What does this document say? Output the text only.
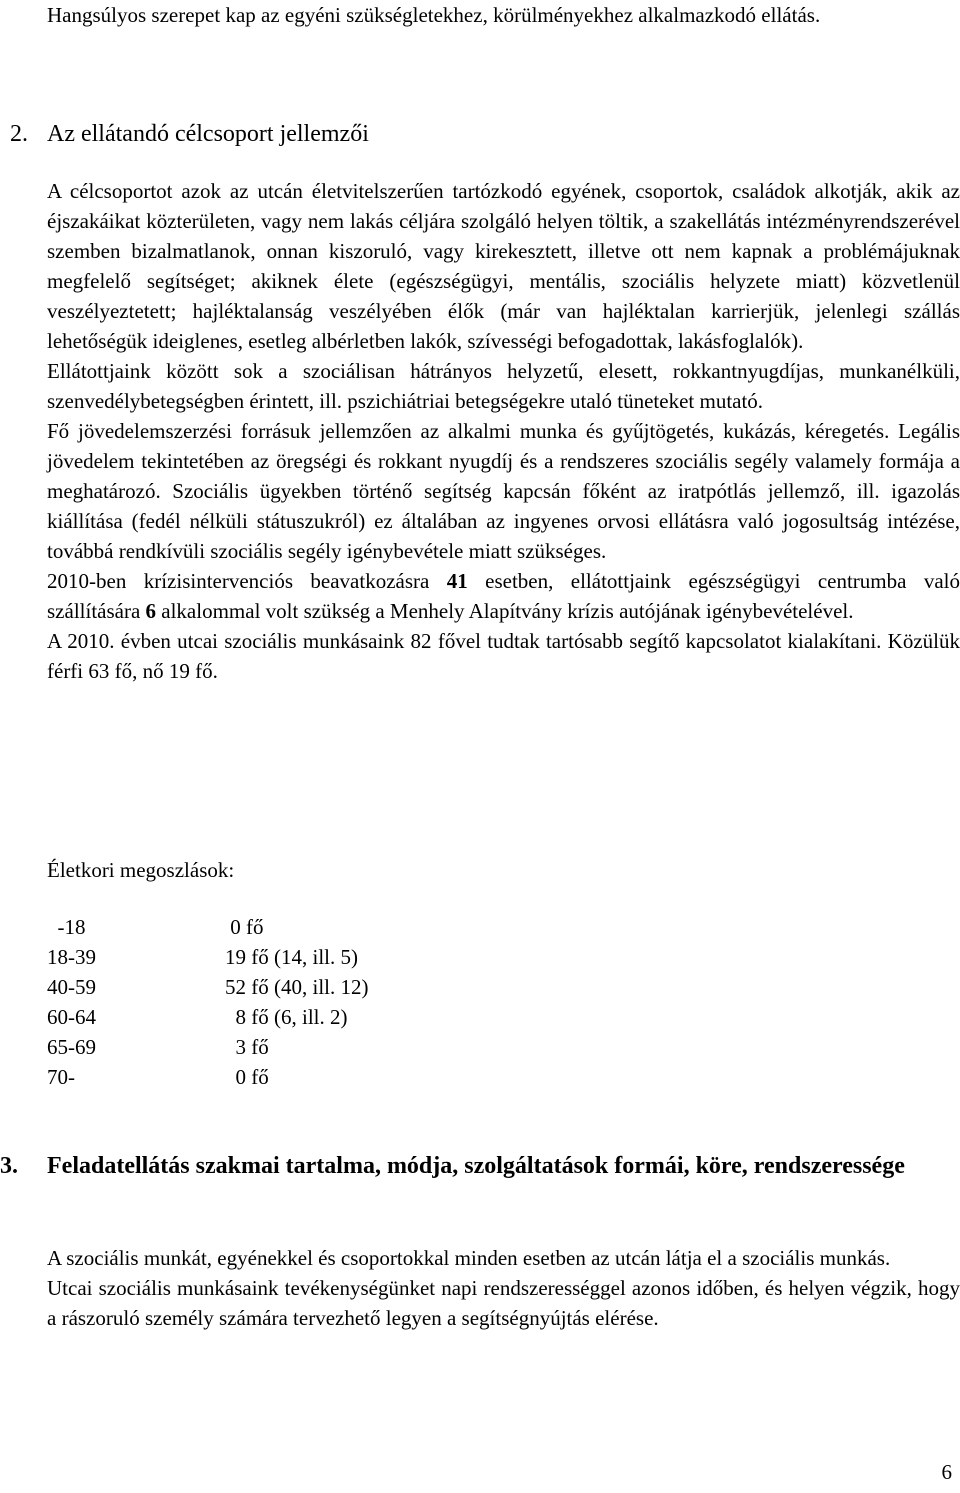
Hangsúlyos szerepet kap az egyéni szükségletekhez, körülményekhez alkalmazkodó ellátás.

2. Az ellátandó célcsoport jellemzői

A célcsoportot azok az utcán életvitelszerűen tartózkodó egyének, csoportok, családok alkotják, akik az éjszakáikat közterületen, vagy nem lakás céljára szolgáló helyen töltik, a szakellátás intézményrendszerével szemben bizalmatlanok, onnan kiszoruló, vagy kirekesztett, illetve ott nem kapnak a problémájuknak megfelelő segítséget; akiknek élete (egészségügyi, mentális, szociális helyzete miatt) közvetlenül veszélyeztetett; hajléktalanság veszélyében élők (már van hajléktalan karrierjük, jelenlegi szállás lehetőségük ideiglenes, esetleg albérletben lakók, szívességi befogadottak, lakásfoglalók).

Ellátottjaink között sok a szociálisan hátrányos helyzetű, elesett, rokkantnyugdíjas, munkanélküli, szenvedélybetegségben érintett, ill. pszichiátriai betegségekre utaló tüneteket mutató.

Fő jövedelemszerzési forrásuk jellemzően az alkalmi munka és gyűjtögetés, kukázás, kéregetés. Legális jövedelem tekintetében az öregségi és rokkant nyugdíj és a rendszeres szociális segély valamely formája a meghatározó. Szociális ügyekben történő segítség kapcsán főként az iratpótlás jellemző, ill. igazolás kiállítása (fedél nélküli státuszukról) ez általában az ingyenes orvosi ellátásra való jogosultság intézése, továbbá rendkívüli szociális segély igénybevétele miatt szükséges.

2010-ben krízisintervenciós beavatkozásra 41 esetben, ellátottjaink egészségügyi centrumba való szállítására 6 alkalommal volt szükség a Menhely Alapítvány krízis autójának igénybevételével.

A 2010. évben utcai szociális munkásaink 82 fővel tudtak tartósabb segítő kapcsolatot kialakítani. Közülük férfi 63 fő, nő 19 fő.

Életkori megoszlások:

-18	0 fő
18-39	19 fő (14, ill. 5)
40-59	52 fő (40, ill. 12)
60-64	8 fő (6, ill. 2)
65-69	3 fő
70-	0 fő
3. Feladatellátás szakmai tartalma, módja, szolgáltatások formái, köre, rendszeressége

A szociális munkát, egyénekkel és csoportokkal minden esetben az utcán látja el a szociális munkás.

Utcai szociális munkásaink tevékenységünket napi rendszerességgel azonos időben, és helyen végzik, hogy a rászoruló személy számára tervezhető legyen a segítségnyújtás elérése.

6
